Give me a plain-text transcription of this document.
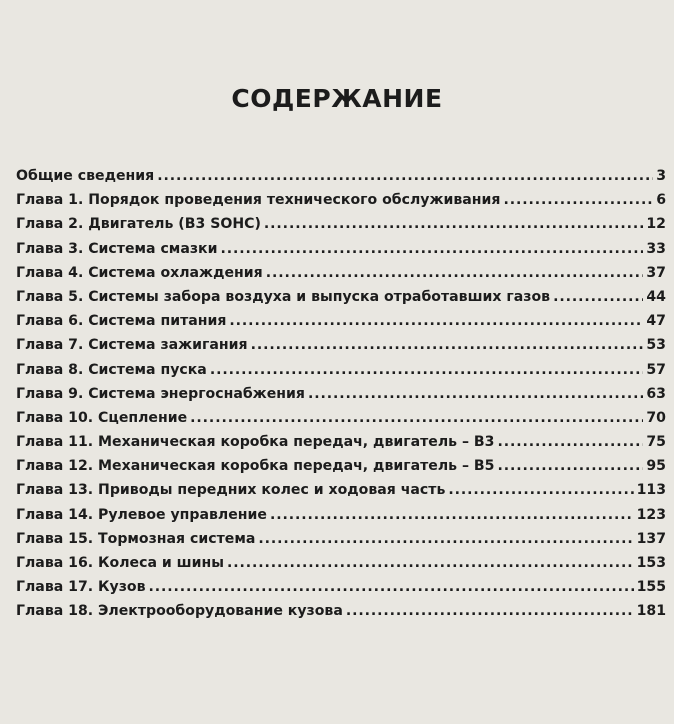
СОДЕРЖАНИЕ
Общие сведения .....	3
Глава 1. Порядок проведения технического обслуживания .....	6
Глава 2. Двигатель (B3 SOHC) .....	12
Глава 3. Система смазки .....	33
Глава 4. Система охлаждения .....	37
Глава 5. Системы забора воздуха и выпуска отработавших газов .....	44
Глава 6. Система питания .....	47
Глава 7. Система зажигания .....	53
Глава 8. Система пуска .....	57
Глава 9. Система энергоснабжения .....	63
Глава 10. Сцепление .....	70
Глава 11. Механическая коробка передач, двигатель – B3 .....	75
Глава 12. Механическая коробка передач, двигатель – B5 .....	95
Глава 13. Приводы передних колес и ходовая часть .....	113
Глава 14. Рулевое управление .....	123
Глава 15. Тормозная система .....	137
Глава 16. Колеса и шины .....	153
Глава 17. Кузов .....	155
Глава 18. Электрооборудование кузова .....	181
